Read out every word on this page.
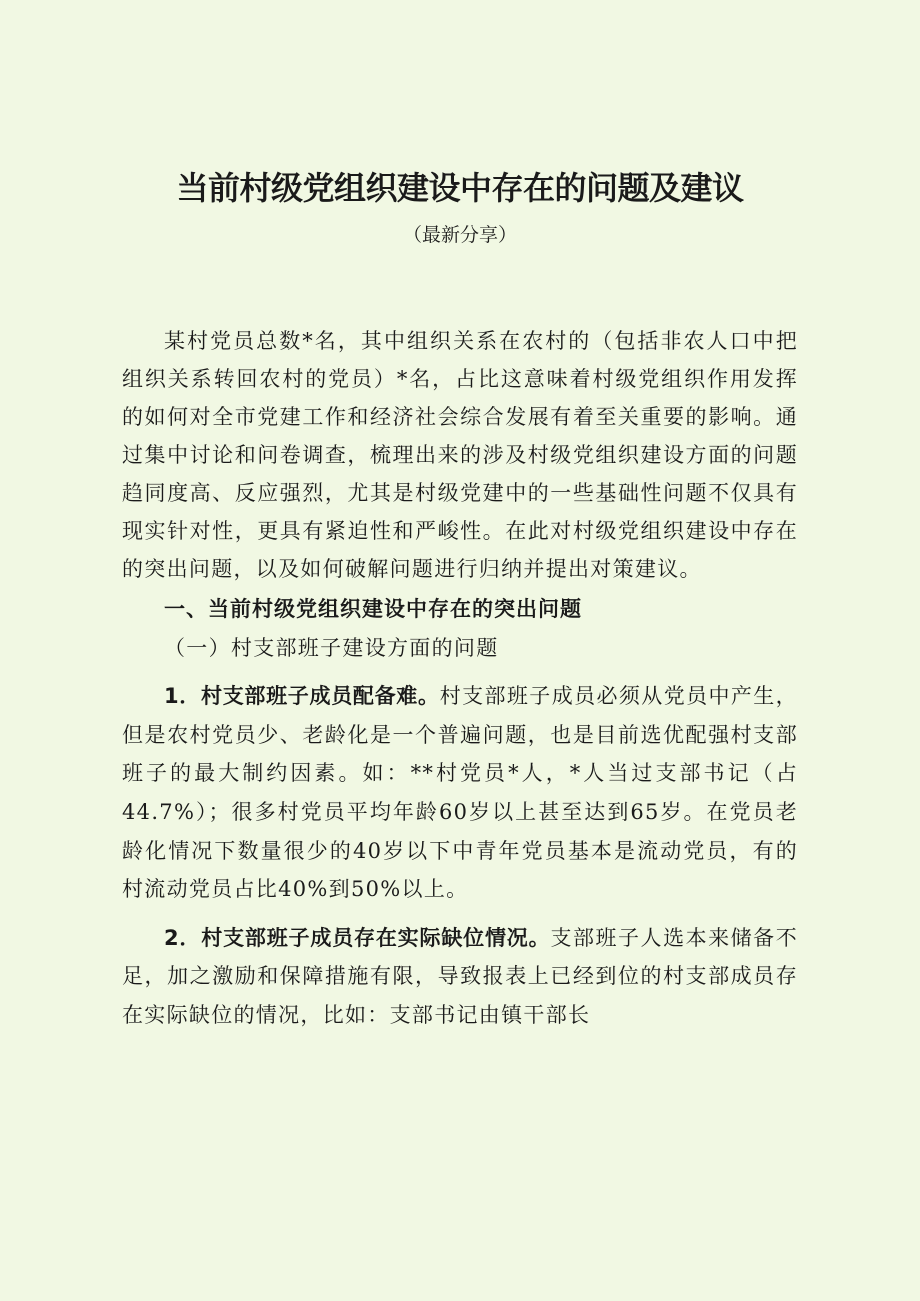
当前村级党组织建设中存在的问题及建议

（最新分享）

某村党员总数*名，其中组织关系在农村的（包括非农人口中把组织关系转回农村的党员）*名，占比这意味着村级党组织作用发挥的如何对全市党建工作和经济社会综合发展有着至关重要的影响。通过集中讨论和问卷调查，梳理出来的涉及村级党组织建设方面的问题趋同度高、反应强烈，尤其是村级党建中的一些基础性问题不仅具有现实针对性，更具有紧迫性和严峻性。在此对村级党组织建设中存在的突出问题，以及如何破解问题进行归纳并提出对策建议。

一、当前村级党组织建设中存在的突出问题

（一）村支部班子建设方面的问题

1．村支部班子成员配备难。村支部班子成员必须从党员中产生，但是农村党员少、老龄化是一个普遍问题，也是目前选优配强村支部班子的最大制约因素。如：**村党员*人，*人当过支部书记（占44.7%）；很多村党员平均年龄60岁以上甚至达到65岁。在党员老龄化情况下数量很少的40岁以下中青年党员基本是流动党员，有的村流动党员占比40%到50%以上。

2．村支部班子成员存在实际缺位情况。支部班子人选本来储备不足，加之激励和保障措施有限，导致报表上已经到位的村支部成员存在实际缺位的情况，比如：支部书记由镇干部长
